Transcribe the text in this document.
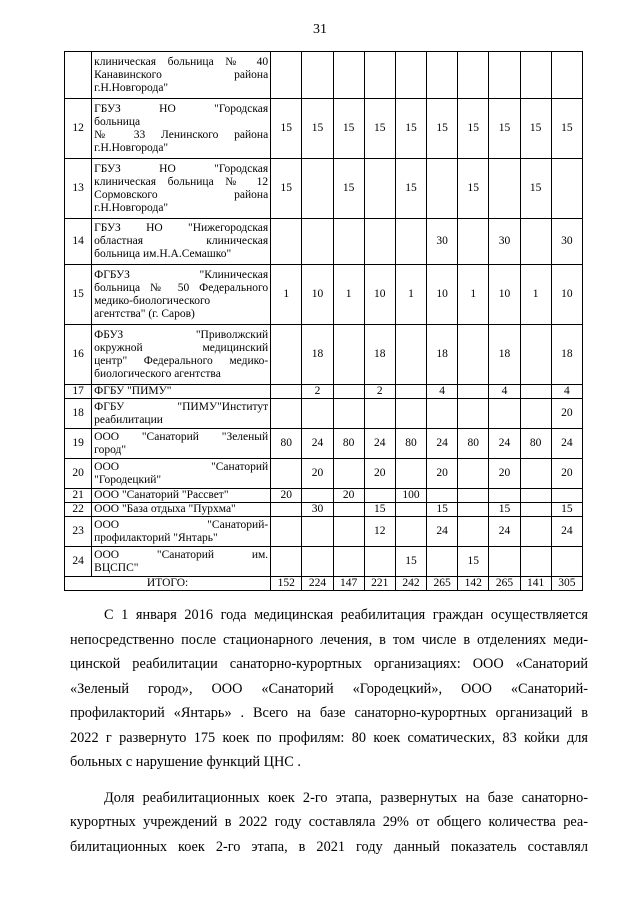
31

	клиническая больница № 40
Канавинского района
г.Н.Новгорода"										

12	ГБУЗ НО "Городская
больница
№ 33 Ленинского района
г.Н.Новгорода"	15	15	15	15	15	15	15	15	15	15
13	ГБУЗ НО "Городская
клиническая больница № 12
Сормовского района
г.Н.Новгорода"	15		15		15		15		15	
14	ГБУЗ НО "Нижегородская
областная клиническая
больница им.Н.А.Семашко"						30		30		30
15	ФГБУЗ "Клиническая
больница № 50 Федерального
медико-биологического
агентства" (г. Саров)	1	10	1	10	1	10	1	10	1	10
16	ФБУЗ "Приволжский
окружной медицинский
центр" Федерального медико-
биологического агентства		18		18		18		18		18
17	ФГБУ "ПИМУ"		2		2		4		4		4
18	ФГБУ "ПИМУ"Институт
реабилитации										20
19	ООО "Санаторий "Зеленый
город"	80	24	80	24	80	24	80	24	80	24
20	ООО "Санаторий
"Городецкий"		20		20		20		20		20
21	ООО "Санаторий "Рассвет"	20		20		100					
22	ООО "База отдыха "Пурхма"		30		15		15		15		15
23	ООО "Санаторий-
профилакторий "Янтарь"				12		24		24		24
24	ООО "Санаторий им.
ВЦСПС"					15		15			
ИТОГО:		152	224	147	221	242	265	142	265	141	305
С 1 января 2016 года медицинская реабилитация граждан осуществляется
непосредственно после стационарного лечения, в том числе в отделениях меди-
цинской реабилитации санаторно-курортных организациях: ООО «Санаторий
«Зеленый город», ООО «Санаторий «Городецкий», ООО «Санаторий-
профилакторий «Янтарь» . Всего на базе санаторно-курортных организаций в
2022 г развернуто 175 коек по профилям: 80 коек соматических, 83 койки для
больных с нарушение функций ЦНС .
Доля реабилитационных коек 2-го этапа, развернутых на базе санаторно-
курортных учреждений в 2022 году составляла 29% от общего количества реа-
билитационных коек 2-го этапа, в 2021 году данный показатель составлял
